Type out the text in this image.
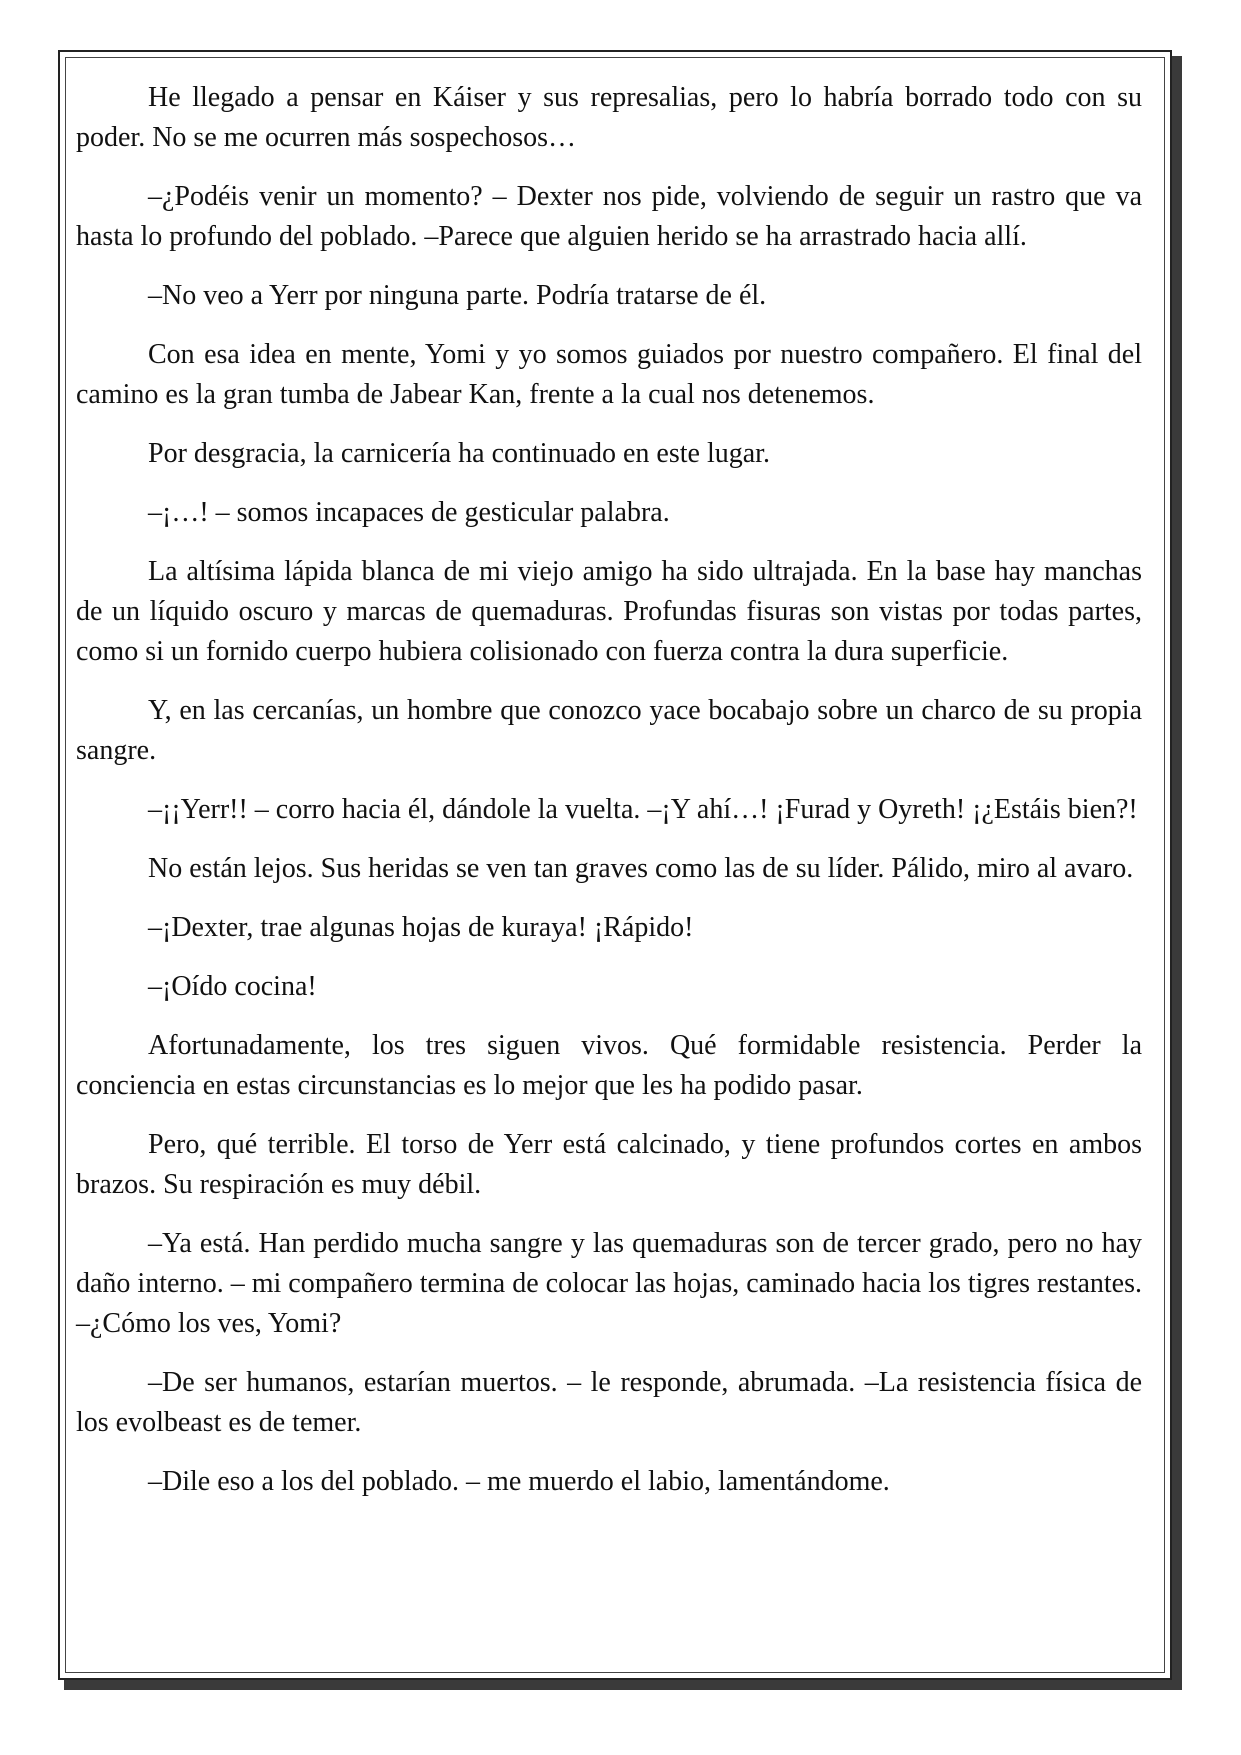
He llegado a pensar en Káiser y sus represalias, pero lo habría borrado todo con su poder. No se me ocurren más sospechosos…

–¿Podéis venir un momento? – Dexter nos pide, volviendo de seguir un rastro que va hasta lo profundo del poblado. –Parece que alguien herido se ha arrastrado hacia allí.

–No veo a Yerr por ninguna parte. Podría tratarse de él.

Con esa idea en mente, Yomi y yo somos guiados por nuestro compañero. El final del camino es la gran tumba de Jabear Kan, frente a la cual nos detenemos.

Por desgracia, la carnicería ha continuado en este lugar.

–¡…! – somos incapaces de gesticular palabra.

La altísima lápida blanca de mi viejo amigo ha sido ultrajada. En la base hay manchas de un líquido oscuro y marcas de quemaduras. Profundas fisuras son vistas por todas partes, como si un fornido cuerpo hubiera colisionado con fuerza contra la dura superficie.

Y, en las cercanías, un hombre que conozco yace bocabajo sobre un charco de su propia sangre.

–¡¡Yerr!! – corro hacia él, dándole la vuelta. –¡Y ahí…! ¡Furad y Oyreth! ¡¿Estáis bien?!

No están lejos. Sus heridas se ven tan graves como las de su líder. Pálido, miro al avaro.

–¡Dexter, trae algunas hojas de kuraya! ¡Rápido!

–¡Oído cocina!

Afortunadamente, los tres siguen vivos. Qué formidable resistencia. Perder la conciencia en estas circunstancias es lo mejor que les ha podido pasar.

Pero, qué terrible. El torso de Yerr está calcinado, y tiene profundos cortes en ambos brazos. Su respiración es muy débil.

–Ya está. Han perdido mucha sangre y las quemaduras son de tercer grado, pero no hay daño interno. – mi compañero termina de colocar las hojas, caminado hacia los tigres restantes. –¿Cómo los ves, Yomi?

–De ser humanos, estarían muertos. – le responde, abrumada. –La resistencia física de los evolbeast es de temer.

–Dile eso a los del poblado. – me muerdo el labio, lamentándome.
